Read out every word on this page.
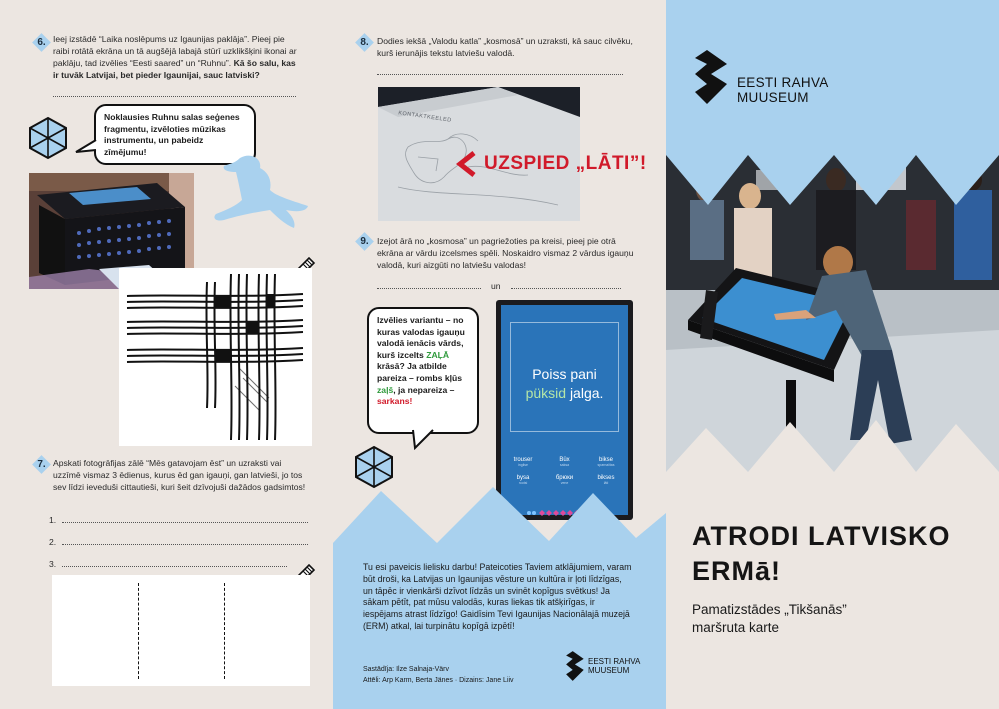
6. Ieej izstādē “Laika noslēpums uz Igaunijas paklāja”. Pieej pie raibi rotātā ekrāna un tā augšējā labajā stūrī uzklikšķini ikonai ar paklāju, tad izvēlies “Eesti saared” un “Ruhnu”. Kā šo salu, kas ir tuvāk Latvijai, bet pieder Igaunijai, sauc latviski?
Noklausies Ruhnu salas seģenes fragmentu, izvēloties mūzikas instrumentu, un pabeidz zīmējumu!
7. Apskati fotogrāfijas zālē “Mēs gatavojam ēst” un uzraksti vai uzzīmē vismaz 3 ēdienus, kurus ēd gan igauņi, gan latvieši, jo tos sev līdzi ieveduši cittautieši, kuri šeit dzīvojuši dažādos gadsimtos!
1.
2.
3.
8. Dodies iekšā „Valodu katla” „kosmosā” un uzraksti, kā sauc cilvēku, kurš ierunājis tekstu latviešu valodā.
KONTAKTKEELED
UZSPIED „LĀTI”!
9. Izejot ārā no „kosmosa” un pagriežoties pa kreisi, pieej pie otrā ekrāna ar vārdu izcelsmes spēli. Noskaidro vismaz 2 vārdus igauņu valodā, kuri aizgūti no latviešu valodas!
un
Izvēlies variantu – no kuras valodas igauņu valodā ienācis vārds, kurš izcelts ZAĻĀ krāsā? Ja atbilde pareiza – rombs kļūs zaļš, ja nepareiza – sarkans!
Poiss pani
püksid jalga.
trouser
inglise
Büx
saksa
bikse
sparnaiitas
bysa
rootsi
брюки
vene
bikses
läti
Tu esi paveicis lielisku darbu! Pateicoties Taviem atklājumiem, varam būt droši, ka Latvijas un Igaunijas vēsture un kultūra ir ļoti līdzīgas, un tāpēc ir vienkārši dzīvot līdzās un svinēt kopīgus svētkus! Ja sākam pētīt, pat mūsu valodās, kuras liekas tik atšķirīgas, ir iespējams atrast līdzīgo! Gaidīsim Tevi Igaunijas Nacionālajā muzejā (ERM) atkal, lai turpinātu kopīgā izpētī!
Sastādīja: Ilze Salnaja-Värv
Attēli: Arp Karm, Berta Jänes · Dizains: Jane Liiv
EESTI RAHVA
MUUSEUM
EESTI RAHVA
MUUSEUM
ATRODI LATVISKO
ERMā!
Pamatizstādes „Tikšanās”
maršruta karte
